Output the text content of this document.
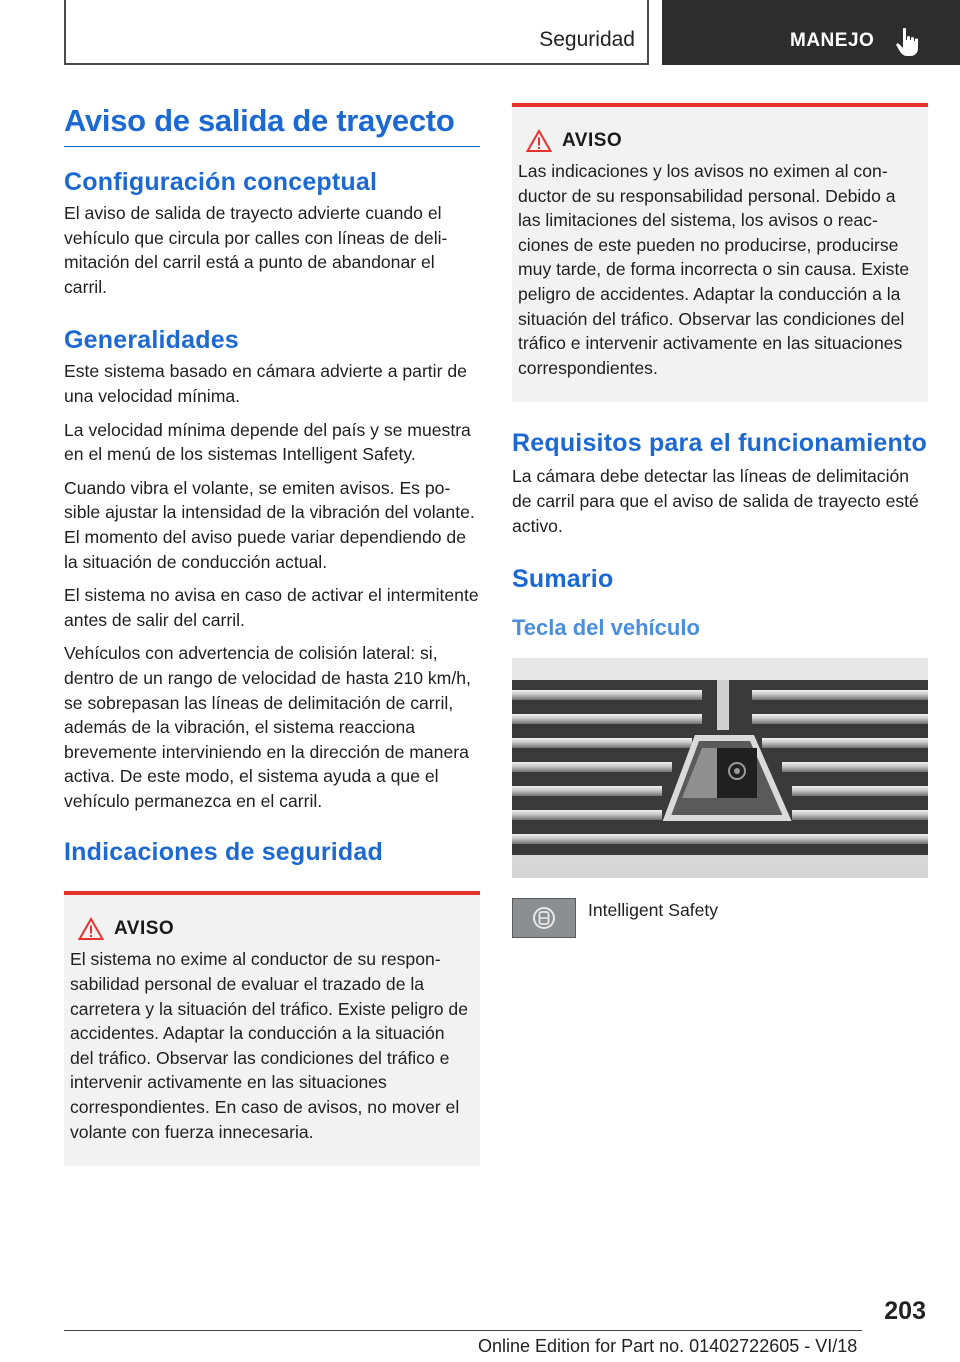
Seguridad	MANEJO
Aviso de salida de trayecto
Configuración conceptual

El aviso de salida de trayecto advierte cuando el vehículo que circula por calles con líneas de delimitación del carril está a punto de abandonar el carril.

Generalidades

Este sistema basado en cámara advierte a partir de una velocidad mínima.

La velocidad mínima depende del país y se muestra en el menú de los sistemas Intelligent Safety.

Cuando vibra el volante, se emiten avisos. Es posible ajustar la intensidad de la vibración del volante. El momento del aviso puede variar dependiendo de la situación de conducción actual.

El sistema no avisa en caso de activar el intermitente antes de salir del carril.

Vehículos con advertencia de colisión lateral: si, dentro de un rango de velocidad de hasta 210 km/h, se sobrepasan las líneas de delimitación de carril, además de la vibración, el sistema reacciona brevemente interviniendo en la dirección de manera activa. De este modo, el sistema ayuda a que el vehículo permanezca en el carril.

Indicaciones de seguridad
AVISO

El sistema no exime al conductor de su responsabilidad personal de evaluar el trazado de la carretera y la situación del tráfico. Existe peligro de accidentes. Adaptar la conducción a la situación del tráfico. Observar las condiciones del tráfico e intervenir activamente en las situaciones correspondientes. En caso de avisos, no mover el volante con fuerza innecesaria.

AVISO

Las indicaciones y los avisos no eximen al conductor de su responsabilidad personal. Debido a las limitaciones del sistema, los avisos o reacciones de este pueden no producirse, producirse muy tarde, de forma incorrecta o sin causa. Existe peligro de accidentes. Adaptar la conducción a la situación del tráfico. Observar las condiciones del tráfico e intervenir activamente en las situaciones correspondientes.

Requisitos para el funcionamiento

La cámara debe detectar las líneas de delimitación de carril para que el aviso de salida de trayecto esté activo.

Sumario
Tecla del vehículo

Intelligent Safety

203
Online Edition for Part no. 01402722605 - VI/18
